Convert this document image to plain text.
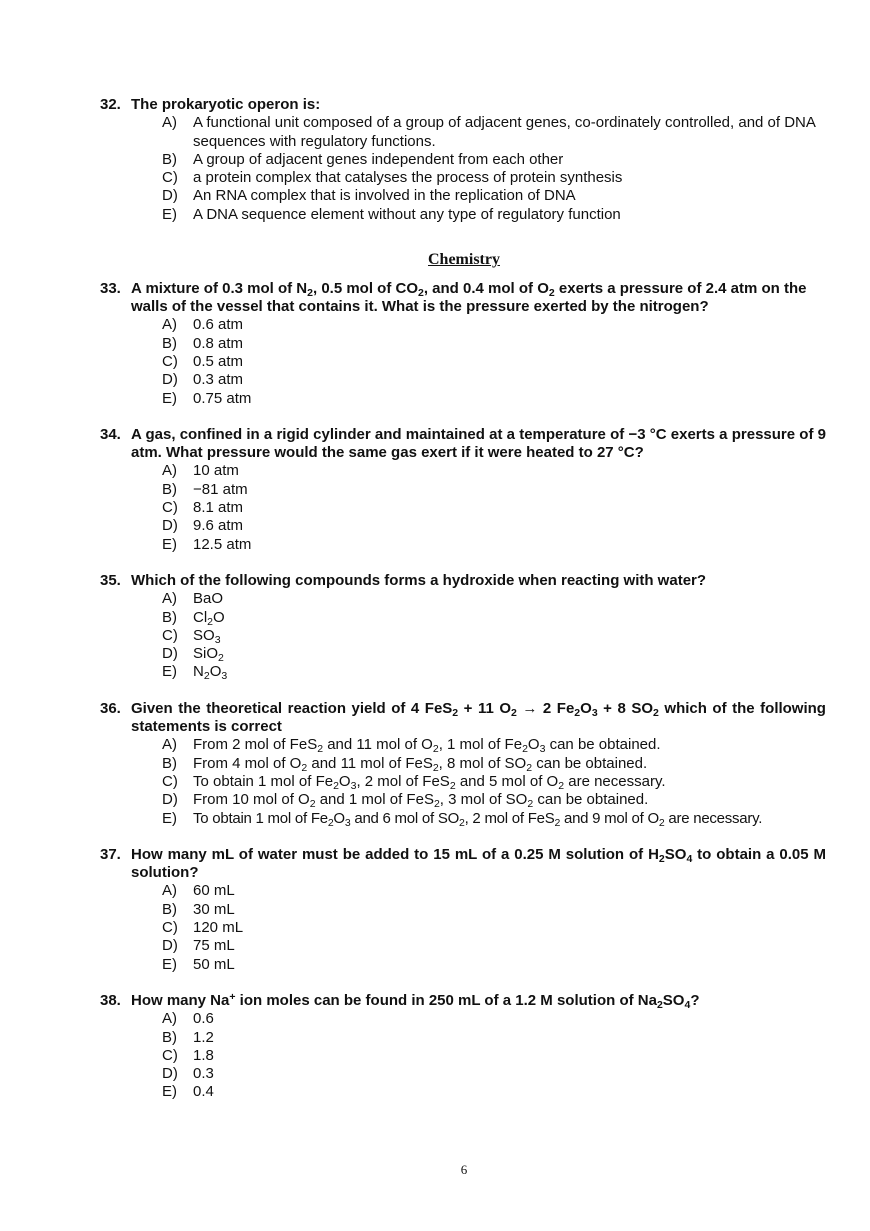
32. The prokaryotic operon is:
A)	A functional unit composed of a group of adjacent genes, co-ordinately controlled, and of DNA sequences with regulatory functions.
B)	A group of adjacent genes independent from each other
C)	a protein complex that catalyses the process of protein synthesis
D)	An RNA complex that is involved in the replication of DNA
E)	A DNA sequence element without any type of regulatory function
Chemistry
33. A mixture of 0.3 mol of $N_2$, 0.5 mol of $CO_2$, and 0.4 mol of $O_2$ exerts a pressure of 2.4 atm on the walls of the vessel that contains it. What is the pressure exerted by the nitrogen?
A)	0.6 atm
B)	0.8 atm
C)	0.5 atm
D)	0.3 atm
E)	0.75 atm
34. A gas, confined in a rigid cylinder and maintained at a temperature of −3 °C exerts a pressure of 9 atm. What pressure would the same gas exert if it were heated to 27 °C?
A)	10 atm
B)	−81 atm
C)	8.1 atm
D)	9.6 atm
E)	12.5 atm
35. Which of the following compounds forms a hydroxide when reacting with water?
A)	BaO
B)	$Cl_2O$
C)	$SO_3$
D)	SiO$_2$
E)	$N_2O_3$
36. Given the theoretical reaction yield of 4 FeS$_2$ + 11 $O_2 \to 2$ $Fe_2O_3 + 8$ $SO_2$ which of the following statements is correct
A)	From 2 mol of FeS$_2$ and 11 mol of $O_2$, 1 mol of $Fe_2O_3$ can be obtained.
B)	From 4 mol of $O_2$ and 11 mol of FeS$_2$, 8 mol of $SO_2$ can be obtained.
C)	To obtain 1 mol of $Fe_2O_3$, 2 mol of FeS$_2$ and 5 mol of $O_2$ are necessary.
D)	From 10 mol of $O_2$ and 1 mol of FeS$_2$, 3 mol of $SO_2$ can be obtained.
E)	To obtain 1 mol of $Fe_2O_3$ and 6 mol of $SO_2$, 2 mol of FeS$_2$ and 9 mol of $O_2$ are necessary.
37. How many mL of water must be added to 15 mL of a 0.25 M solution of $H_2SO_4$ to obtain a 0.05 M solution?
A)	60 mL
B)	30 mL
C)	120 mL
D)	75 mL
E)	50 mL
38. How many Na+ ion moles can be found in 250 mL of a 1.2 M solution of $Na_2SO_4$?
A)	0.6
B)	1.2
C)	1.8
D)	0.3
E)	0.4
6
